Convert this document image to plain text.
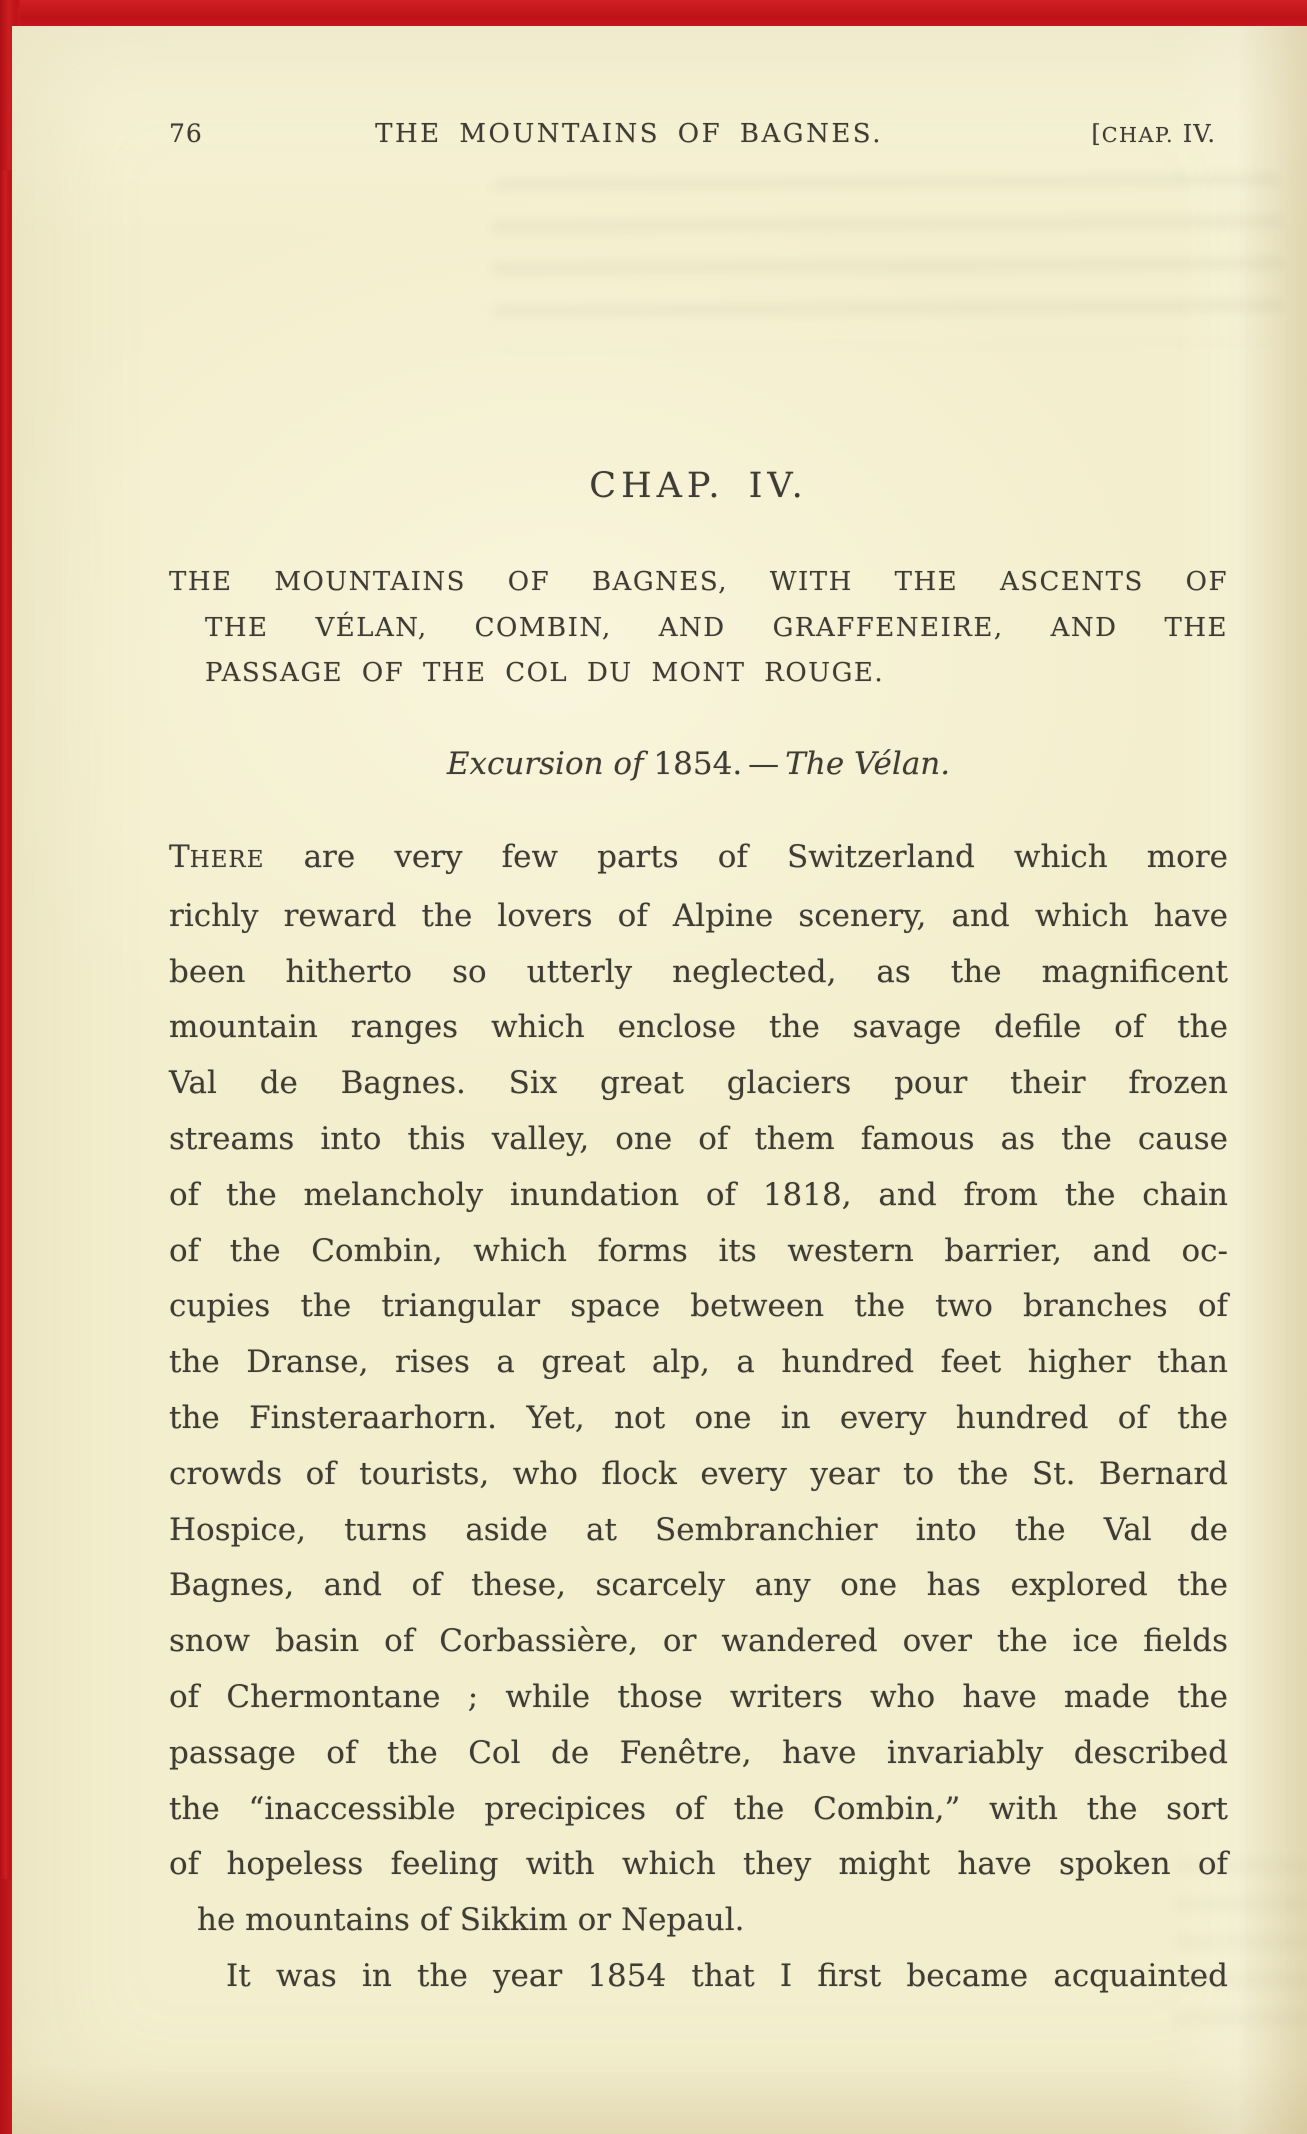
76	THE MOUNTAINS OF BAGNES.	[CHAP. IV.
CHAP. IV.
THE MOUNTAINS OF BAGNES, WITH THE ASCENTS OF
THE VÉLAN, COMBIN, AND GRAFFENEIRE, AND THE
PASSAGE OF THE COL DU MONT ROUGE.
Excursion of 1854. — The Vélan.
THERE are very few parts of Switzerland which more
richly reward the lovers of Alpine scenery, and which have
been hitherto so utterly neglected, as the magnificent
mountain ranges which enclose the savage defile of the
Val de Bagnes. Six great glaciers pour their frozen
streams into this valley, one of them famous as the cause
of the melancholy inundation of 1818, and from the chain
of the Combin, which forms its western barrier, and oc-
cupies the triangular space between the two branches of
the Dranse, rises a great alp, a hundred feet higher than
the Finsteraarhorn. Yet, not one in every hundred of the
crowds of tourists, who flock every year to the St. Bernard
Hospice, turns aside at Sembranchier into the Val de
Bagnes, and of these, scarcely any one has explored the
snow basin of Corbassière, or wandered over the ice fields
of Chermontane ; while those writers who have made the
passage of the Col de Fenêtre, have invariably described
the “inaccessible precipices of the Combin,” with the sort
of hopeless feeling with which they might have spoken of
he mountains of Sikkim or Nepaul.
It was in the year 1854 that I first became acquainted
